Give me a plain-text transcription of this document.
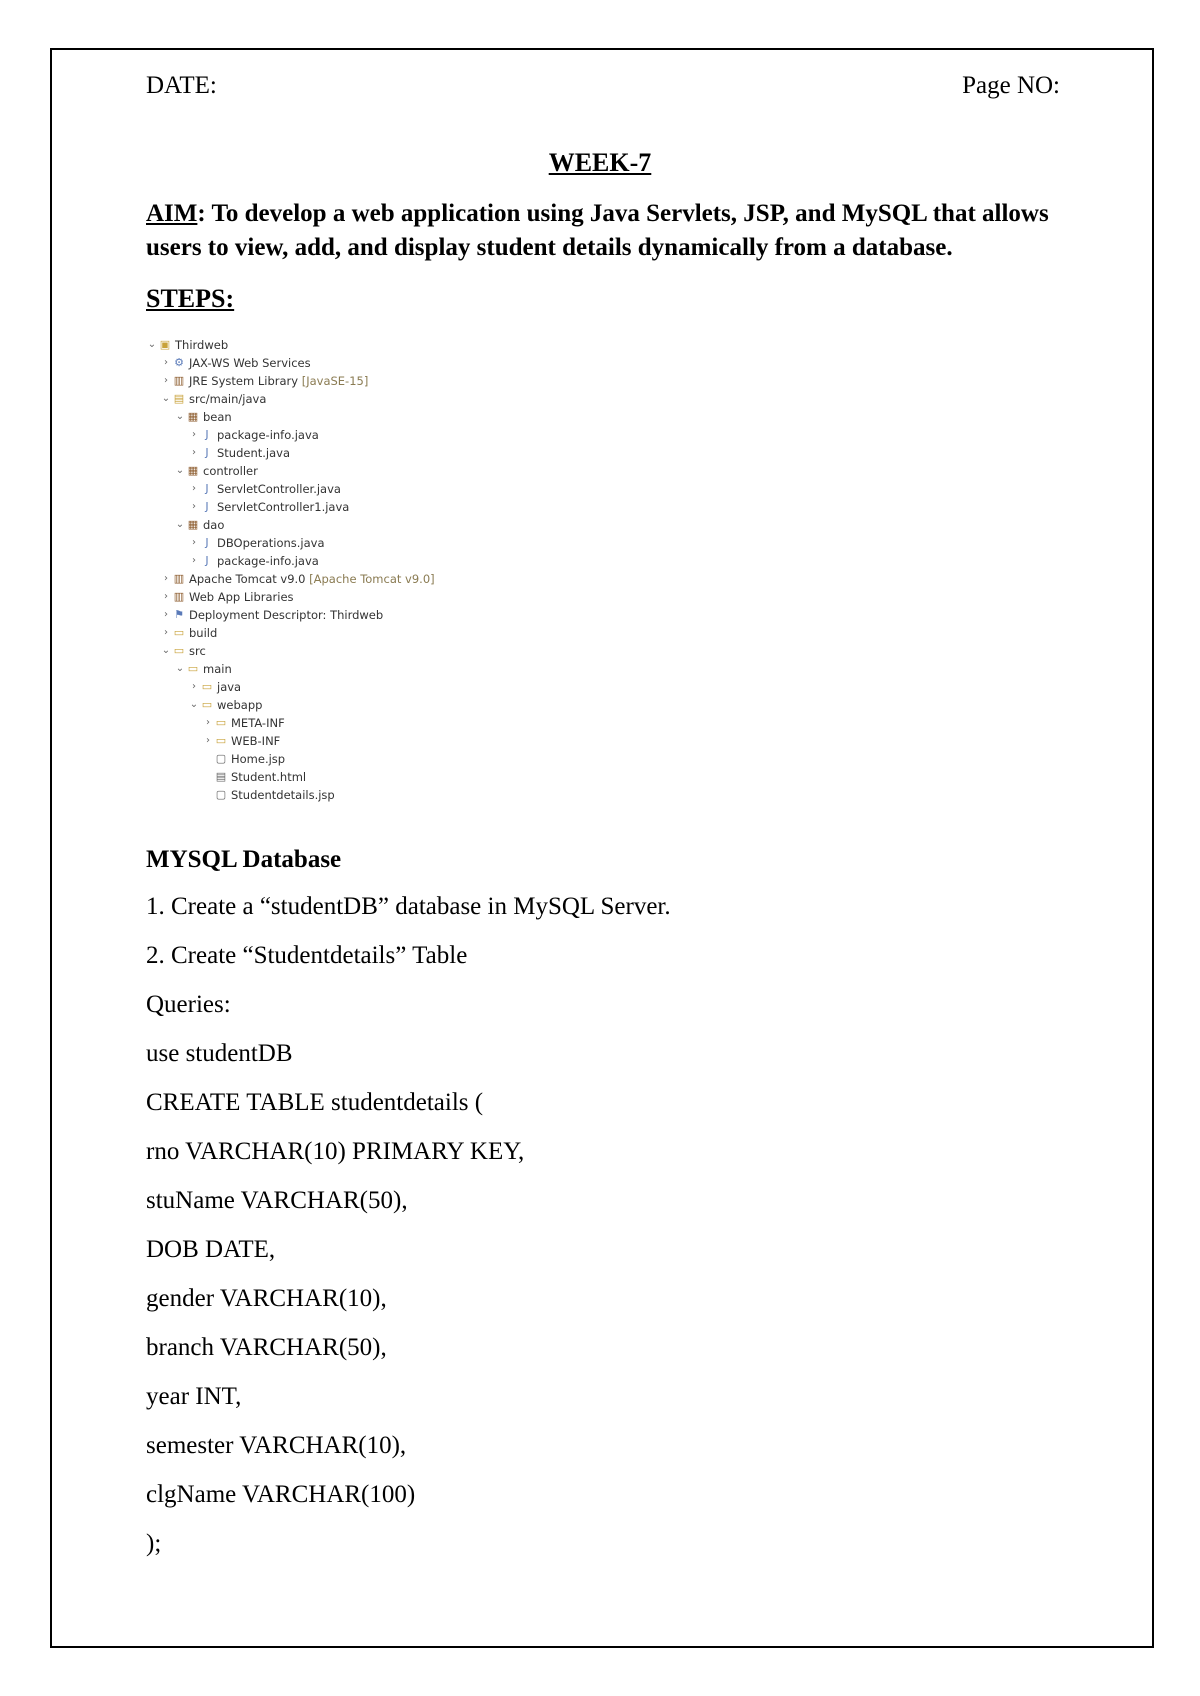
DATE:	Page NO:
WEEK-7
AIM: To develop a web application using Java Servlets, JSP, and MySQL that allows users to view, add, and display student details dynamically from a database.
STEPS:
⌄ ▣ Thirdweb
› ⚙ JAX-WS Web Services
› ▥ JRE System Library [JavaSE-15]
⌄ ▤ src/main/java
⌄ ▦ bean
› J package-info.java
› J Student.java
⌄ ▦ controller
› J ServletController.java
› J ServletController1.java
⌄ ▦ dao
› J DBOperations.java
› J package-info.java
› ▥ Apache Tomcat v9.0 [Apache Tomcat v9.0]
› ▥ Web App Libraries
› ⚑ Deployment Descriptor: Thirdweb
› ▭ build
⌄ ▭ src
⌄ ▭ main
› ▭ java
⌄ ▭ webapp
› ▭ META-INF
› ▭ WEB-INF
▢ Home.jsp
▤ Student.html
▢ Studentdetails.jsp
MYSQL Database
1. Create a “studentDB” database in MySQL Server.
2. Create “Studentdetails” Table
Queries:
use studentDB
CREATE TABLE studentdetails (
rno VARCHAR(10) PRIMARY KEY,
stuName VARCHAR(50),
DOB DATE,
gender VARCHAR(10),
branch VARCHAR(50),
year INT,
semester VARCHAR(10),
clgName VARCHAR(100)
);
